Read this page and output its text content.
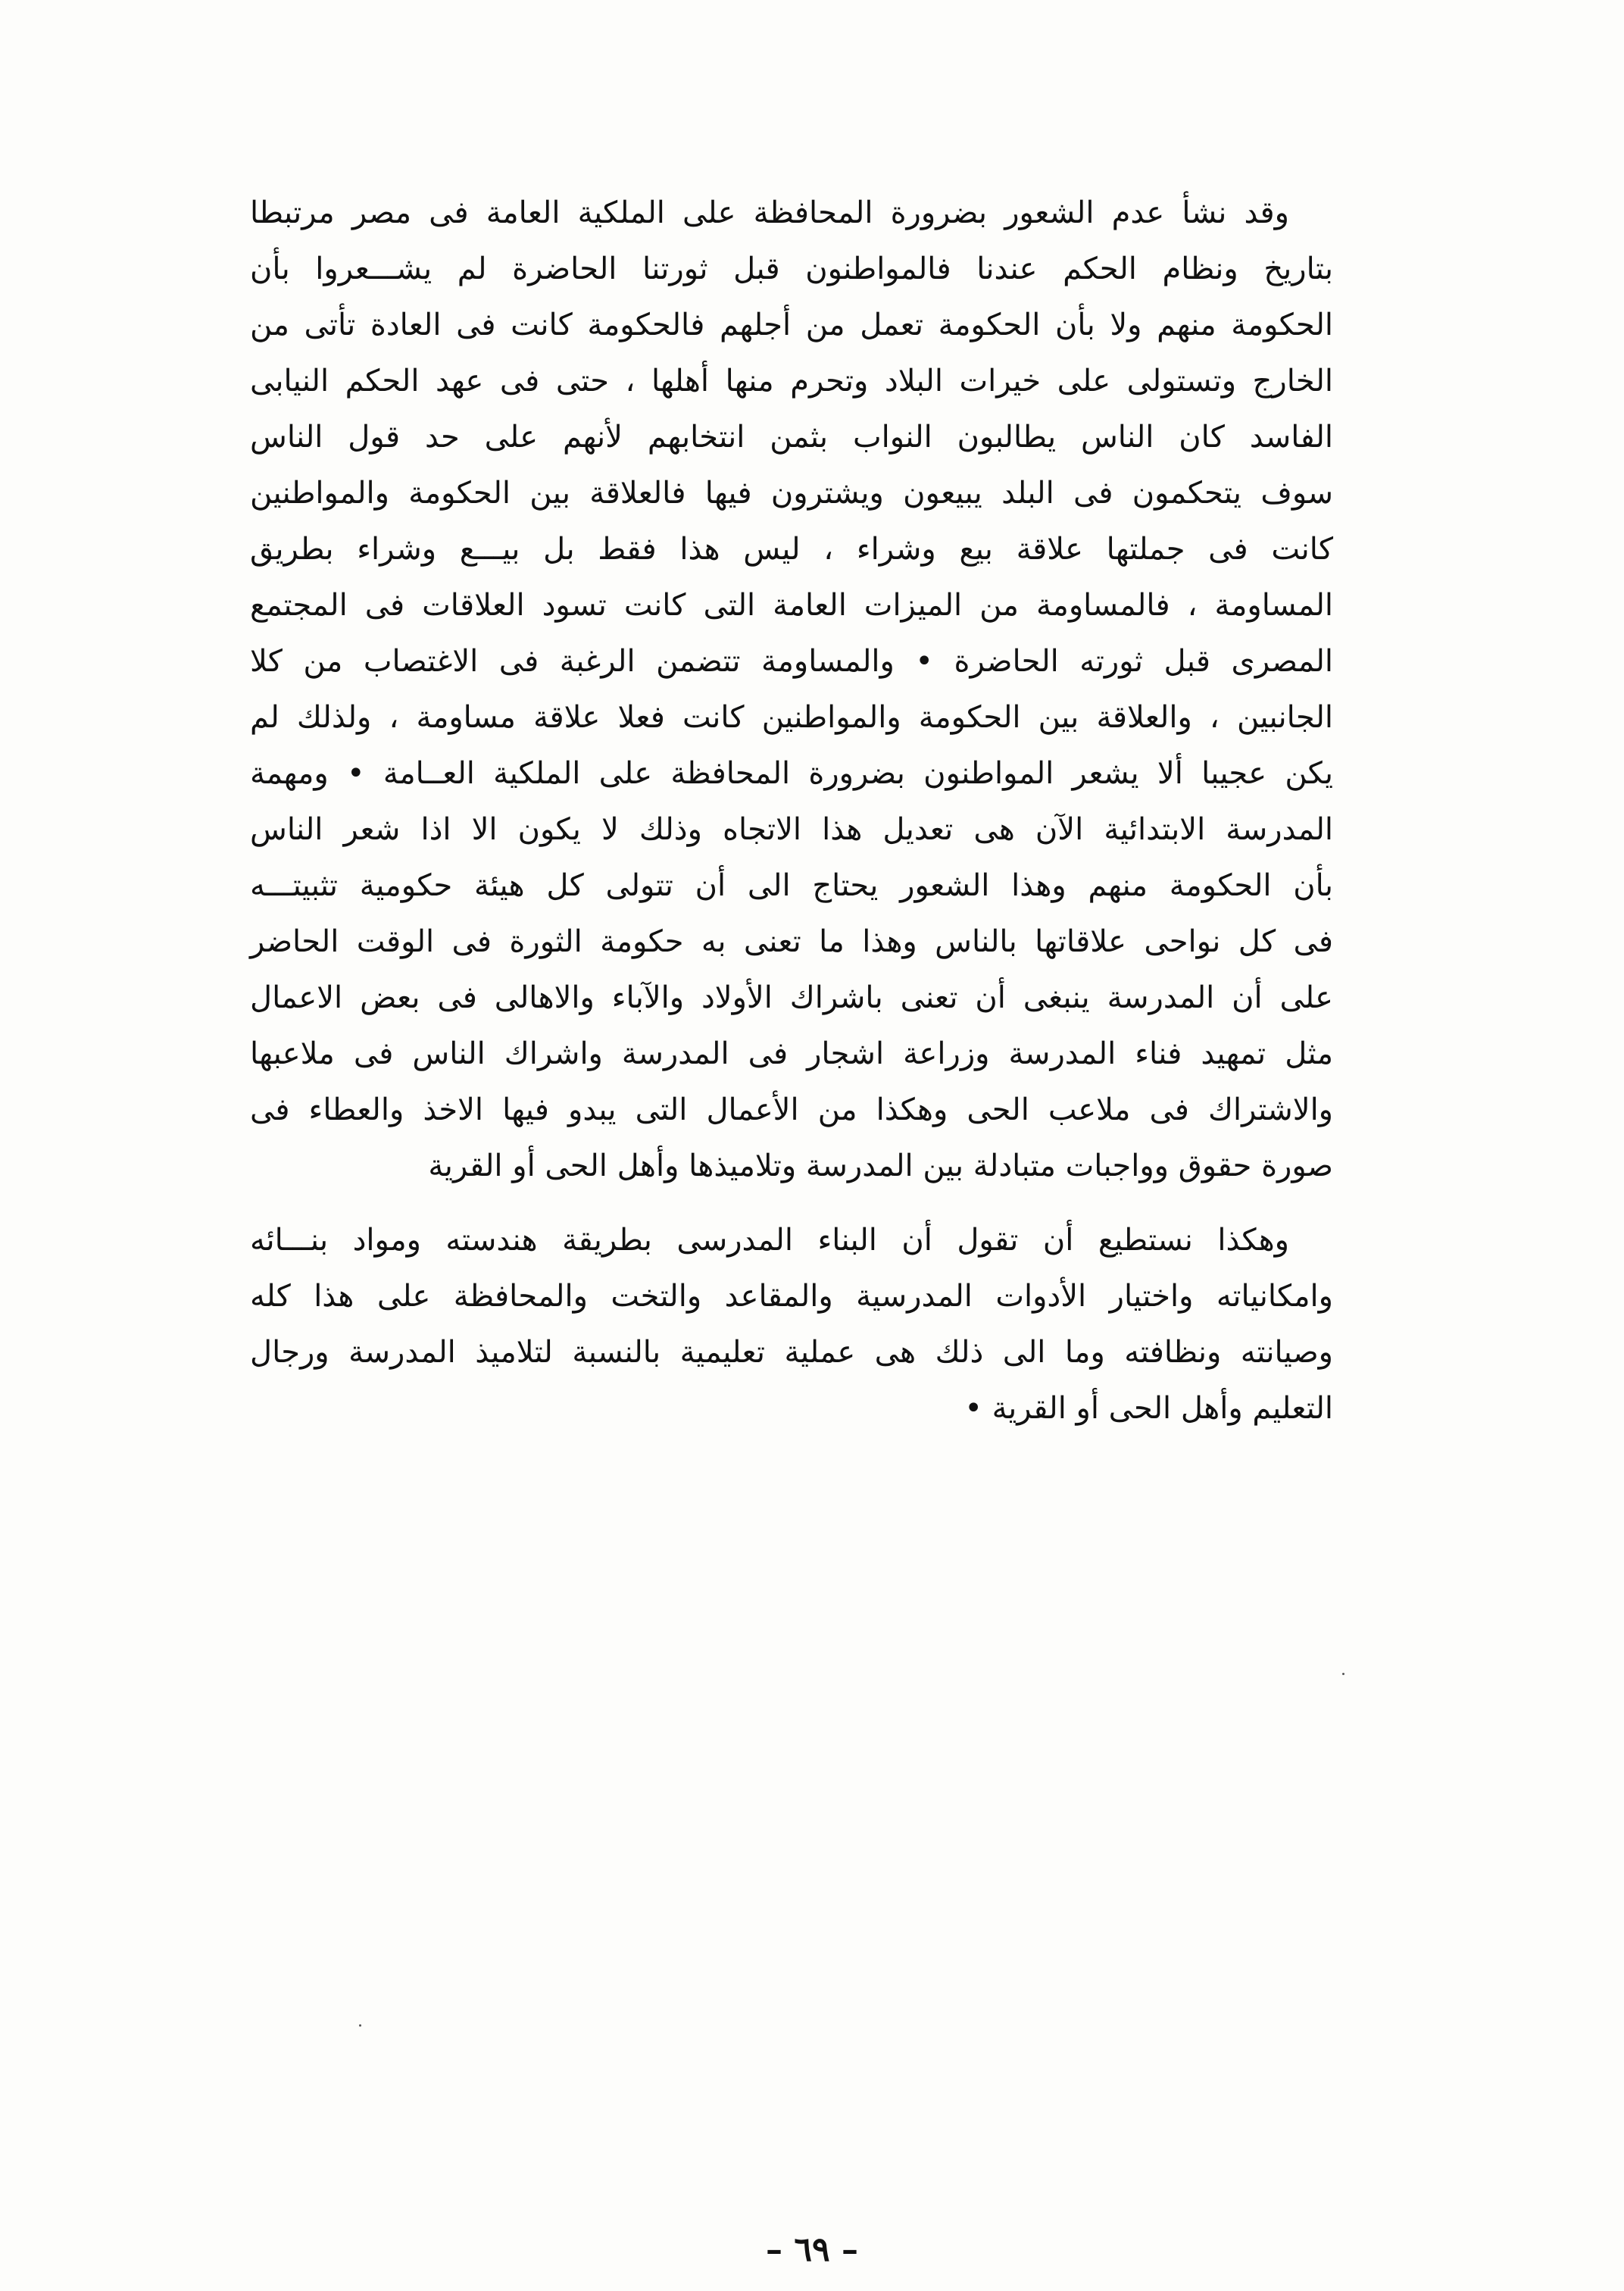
وقد نشأ عدم الشعور بضرورة المحافظة على الملكية العامة فى مصر مرتبطا
بتاريخ ونظام الحكم عندنا فالمواطنون قبل ثورتنا الحاضرة لم يشـــعروا بأن
الحكومة منهم ولا بأن الحكومة تعمل من أجلهم فالحكومة كانت فى العادة تأتى من
الخارج وتستولى على خيرات البلاد وتحرم منها أهلها ، حتى فى عهد الحكم النيابى
الفاسد كان الناس يطالبون النواب بثمن انتخابهم لأنهم على حد قول الناس
سوف يتحكمون فى البلد يبيعون ويشترون فيها فالعلاقة بين الحكومة والمواطنين
كانت فى جملتها علاقة بيع وشراء ، ليس هذا فقط بل بيـــع وشراء بطريق
المساومة ، فالمساومة من الميزات العامة التى كانت تسود العلاقات فى المجتمع
المصرى قبل ثورته الحاضرة • والمساومة تتضمن الرغبة فى الاغتصاب من كلا
الجانبين ، والعلاقة بين الحكومة والمواطنين كانت فعلا علاقة مساومة ، ولذلك لم
يكن عجيبا ألا يشعر المواطنون بضرورة المحافظة على الملكية العــامة • ومهمة
المدرسة الابتدائية الآن هى تعديل هذا الاتجاه وذلك لا يكون الا اذا شعر الناس
بأن الحكومة منهم وهذا الشعور يحتاج الى أن تتولى كل هيئة حكومية تثبيتـــه
فى كل نواحى علاقاتها بالناس وهذا ما تعنى به حكومة الثورة فى الوقت الحاضر
على أن المدرسة ينبغى أن تعنى باشراك الأولاد والآباء والاهالى فى بعض الاعمال
مثل تمهيد فناء المدرسة وزراعة اشجار فى المدرسة واشراك الناس فى ملاعبها
والاشتراك فى ملاعب الحى وهكذا من الأعمال التى يبدو فيها الاخذ والعطاء فى
صورة حقوق وواجبات متبادلة بين المدرسة وتلاميذها وأهل الحى أو القرية
وهكذا نستطيع أن تقول أن البناء المدرسى بطريقة هندسته ومواد بنـــائه
وامكانياته واختيار الأدوات المدرسية والمقاعد والتخت والمحافظة على هذا كله
وصيانته ونظافته وما الى ذلك هى عملية تعليمية بالنسبة لتلاميذ المدرسة ورجال
التعليم وأهل الحى أو القرية •
– ٦٩ –
